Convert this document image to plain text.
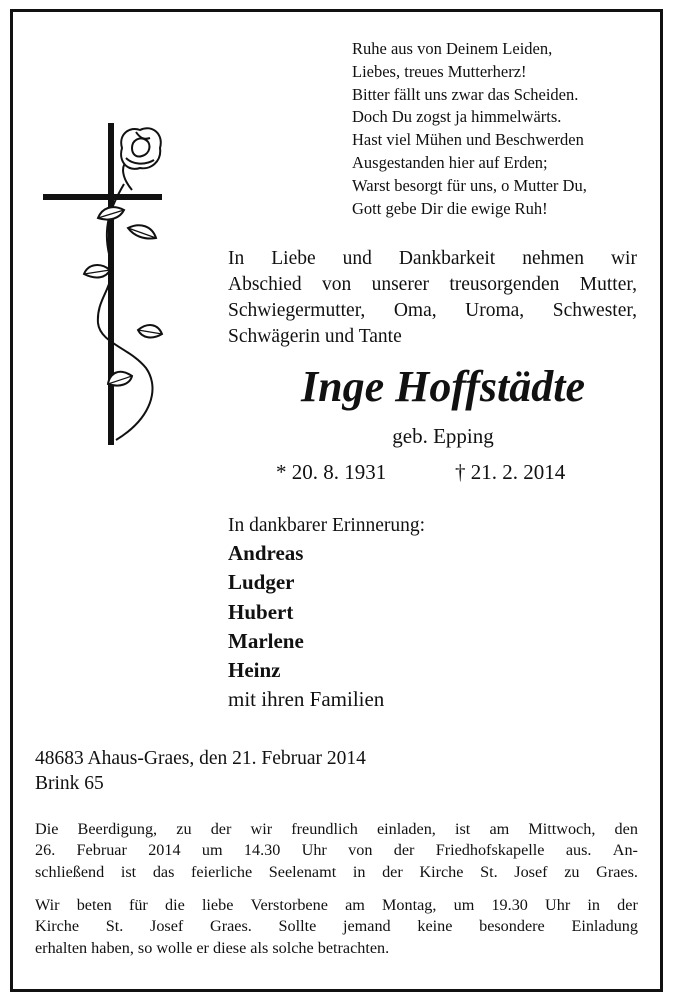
Ruhe aus von Deinem Leiden,
Liebes, treues Mutterherz!
Bitter fällt uns zwar das Scheiden.
Doch Du zogst ja himmelwärts.
Hast viel Mühen und Beschwerden
Ausgestanden hier auf Erden;
Warst besorgt für uns, o Mutter Du,
Gott gebe Dir die ewige Ruh!
In Liebe und Dankbarkeit nehmen wir
Abschied von unserer treusorgenden Mutter,
Schwiegermutter, Oma, Uroma, Schwester,
Schwägerin und Tante
Inge Hoffstädte
geb. Epping
* 20. 8. 1931	† 21. 2. 2014
In dankbarer Erinnerung:
Andreas
Ludger
Hubert
Marlene
Heinz
mit ihren Familien
48683 Ahaus-Graes, den 21. Februar 2014
Brink 65
Die Beerdigung, zu der wir freundlich einladen, ist am Mittwoch, den
26. Februar 2014 um 14.30 Uhr von der Friedhofskapelle aus. An-
schließend ist das feierliche Seelenamt in der Kirche St. Josef zu Graes.
Wir beten für die liebe Verstorbene am Montag, um 19.30 Uhr in der
Kirche St. Josef Graes. Sollte jemand keine besondere Einladung
erhalten haben, so wolle er diese als solche betrachten.
